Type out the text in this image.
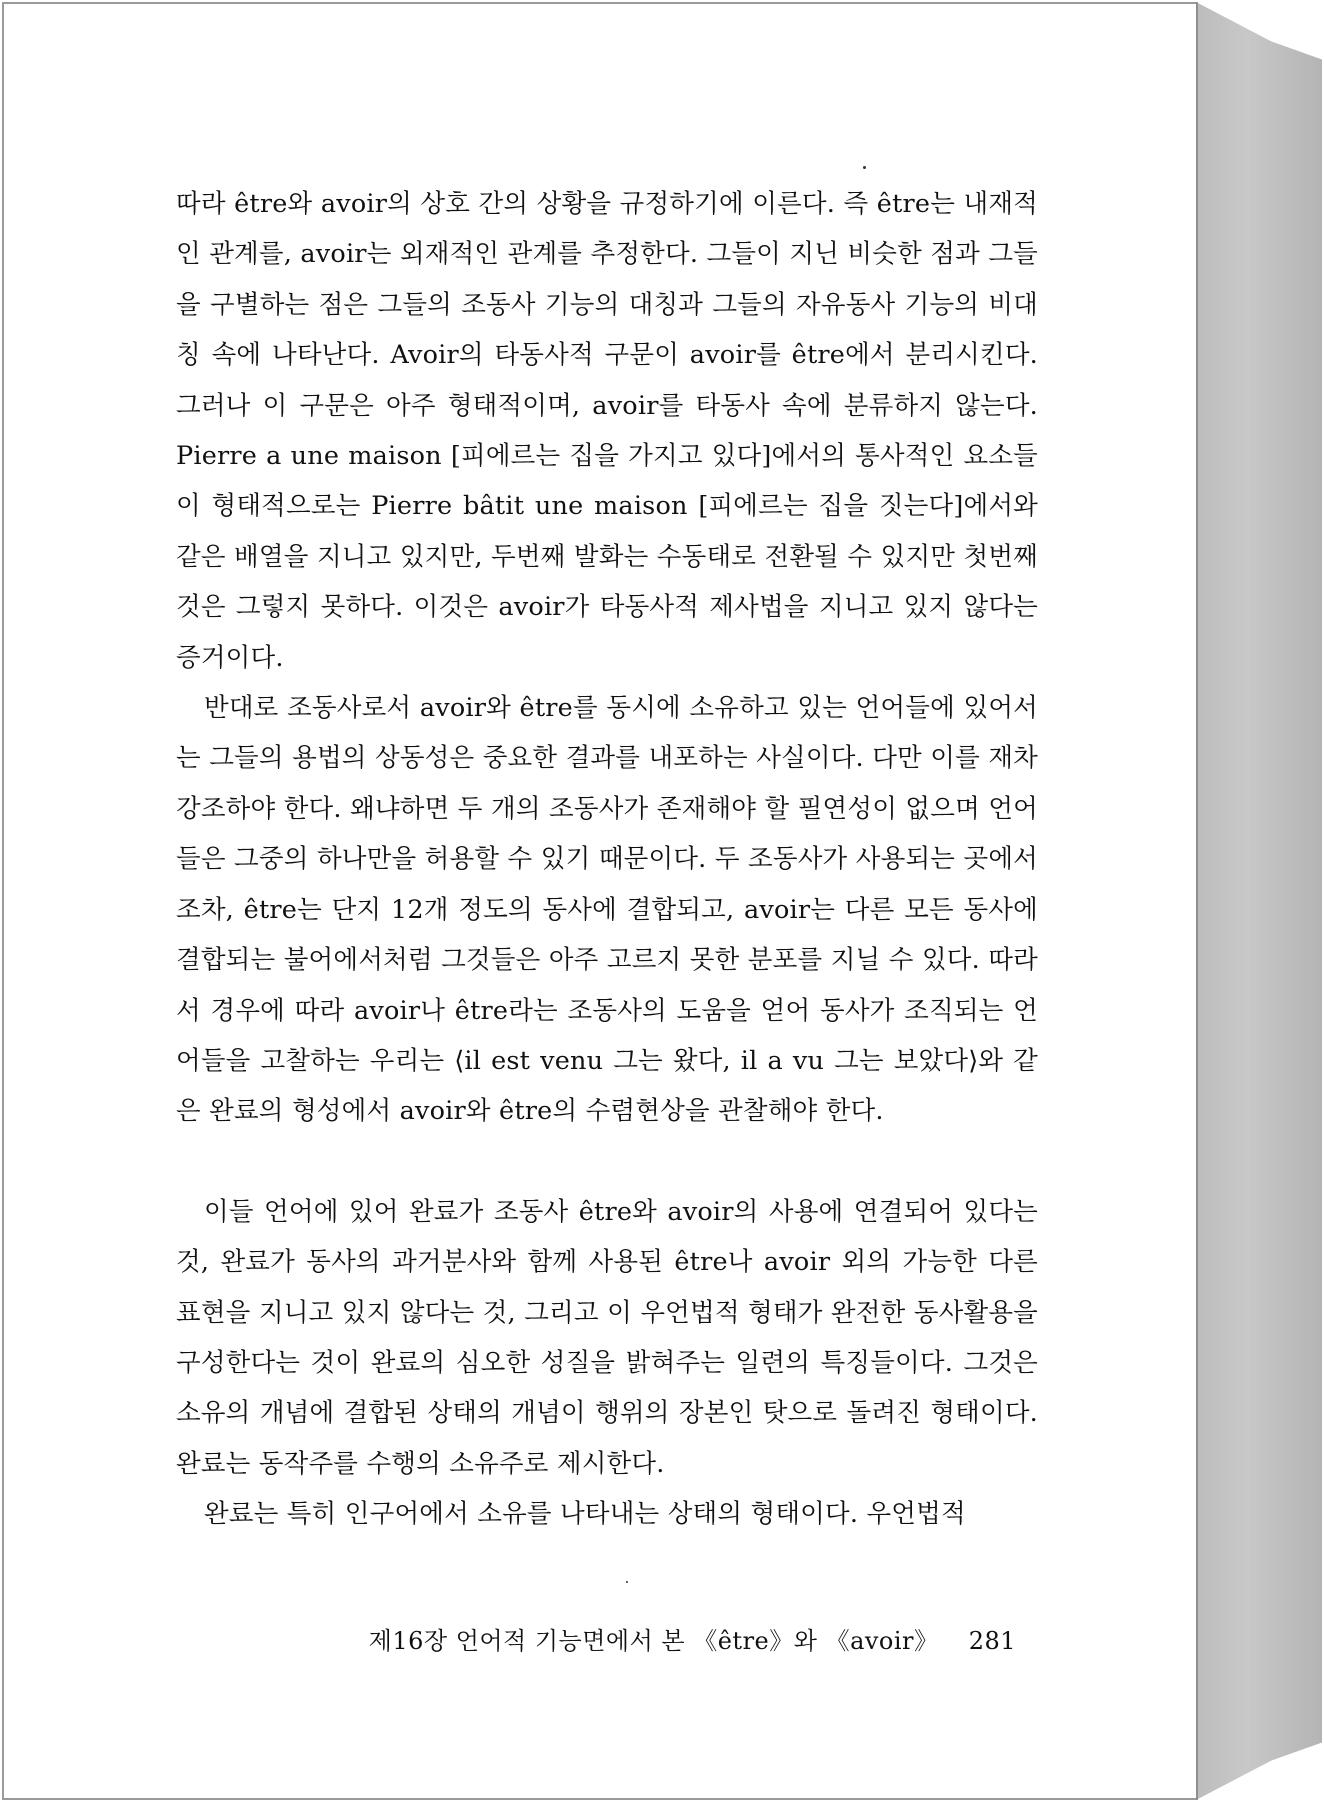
따라 être와 avoir의 상호 간의 상황을 규정하기에 이른다. 즉 être는 내재적인 관계를, avoir는 외재적인 관계를 추정한다. 그들이 지닌 비슷한 점과 그들을 구별하는 점은 그들의 조동사 기능의 대칭과 그들의 자유동사 기능의 비대칭 속에 나타난다. Avoir의 타동사적 구문이 avoir를 être에서 분리시킨다. 그러나 이 구문은 아주 형태적이며, avoir를 타동사 속에 분류하지 않는다. Pierre a une maison [피에르는 집을 가지고 있다]에서의 통사적인 요소들이 형태적으로는 Pierre bâtit une maison [피에르는 집을 짓는다]에서와 같은 배열을 지니고 있지만, 두번째 발화는 수동태로 전환될 수 있지만 첫번째 것은 그렇지 못하다. 이것은 avoir가 타동사적 제사법을 지니고 있지 않다는 증거이다.

반대로 조동사로서 avoir와 être를 동시에 소유하고 있는 언어들에 있어서는 그들의 용법의 상동성은 중요한 결과를 내포하는 사실이다. 다만 이를 재차 강조하야 한다. 왜냐하면 두 개의 조동사가 존재해야 할 필연성이 없으며 언어들은 그중의 하나만을 허용할 수 있기 때문이다. 두 조동사가 사용되는 곳에서조차, être는 단지 12개 정도의 동사에 결합되고, avoir는 다른 모든 동사에 결합되는 불어에서처럼 그것들은 아주 고르지 못한 분포를 지닐 수 있다. 따라서 경우에 따라 avoir나 être라는 조동사의 도움을 얻어 동사가 조직되는 언어들을 고찰하는 우리는 ⟨il est venu 그는 왔다, il a vu 그는 보았다⟩와 같은 완료의 형성에서 avoir와 être의 수렴현상을 관찰해야 한다.

이들 언어에 있어 완료가 조동사 être와 avoir의 사용에 연결되어 있다는 것, 완료가 동사의 과거분사와 함께 사용된 être나 avoir 외의 가능한 다른 표현을 지니고 있지 않다는 것, 그리고 이 우언법적 형태가 완전한 동사활용을 구성한다는 것이 완료의 심오한 성질을 밝혀주는 일련의 특징들이다. 그것은 소유의 개념에 결합된 상태의 개념이 행위의 장본인 탓으로 돌려진 형태이다. 완료는 동작주를 수행의 소유주로 제시한다.

완료는 특히 인구어에서 소유를 나타내는 상태의 형태이다. 우언법적

제16장 언어적 기능면에서 본 《être》와 《avoir》 281
